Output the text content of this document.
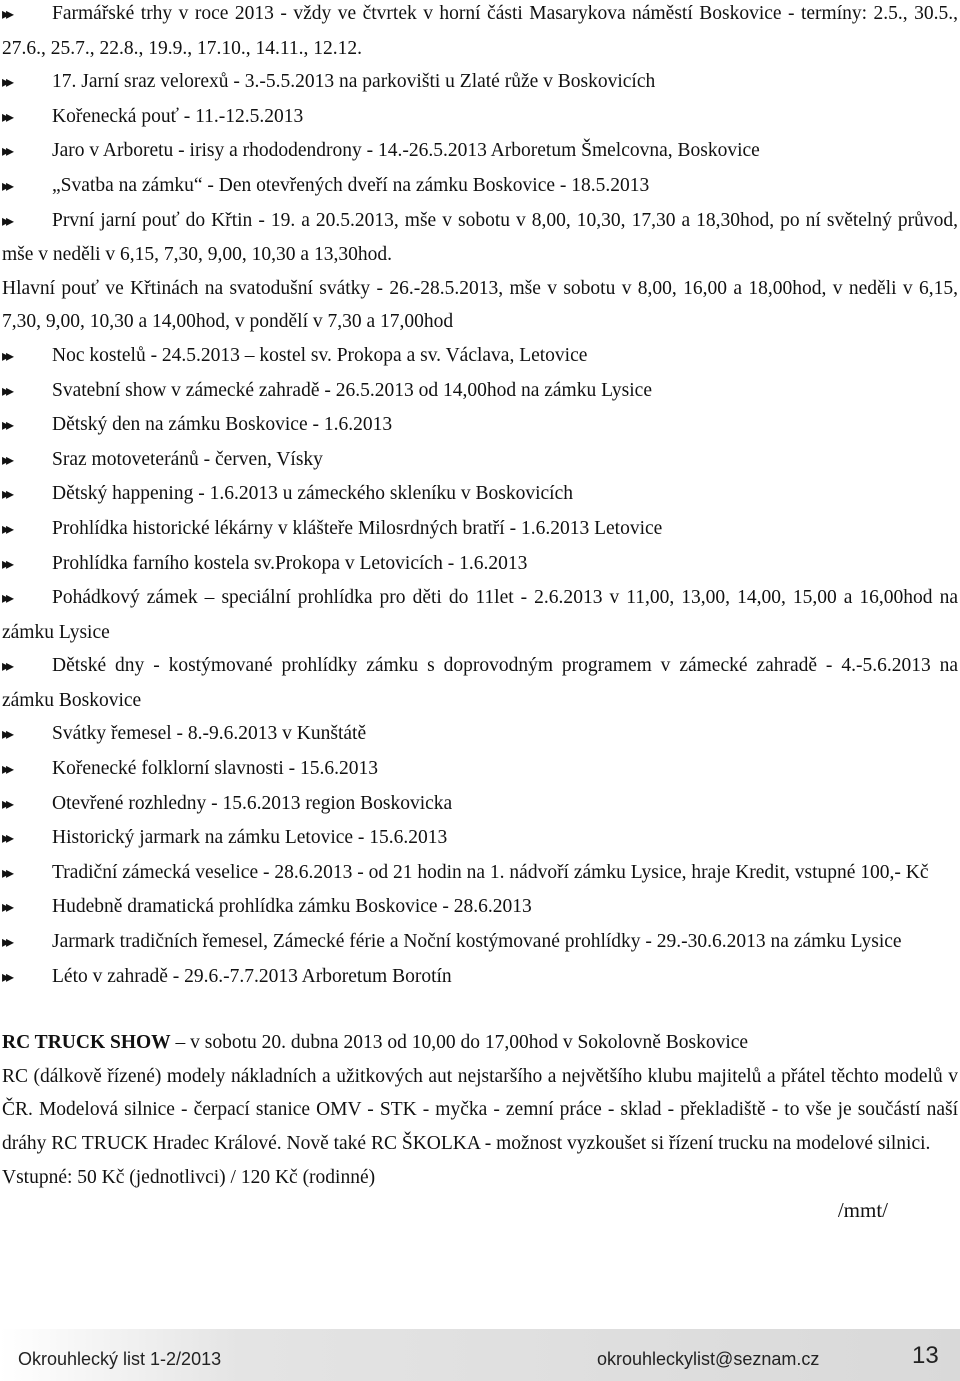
▸▸ Farmářské trhy v roce 2013 - vždy ve čtvrtek v horní části Masarykova náměstí Boskovice - termíny: 2.5., 30.5., 27.6., 25.7., 22.8., 19.9., 17.10., 14.11., 12.12.

▸▸ 17. Jarní sraz velorexů - 3.-5.5.2013 na parkovišti u Zlaté růže v Boskovicích

▸▸ Kořenecká pouť - 11.-12.5.2013

▸▸ Jaro v Arboretu - irisy a rhododendrony - 14.-26.5.2013 Arboretum Šmelcovna, Boskovice

▸▸ „Svatba na zámku“ - Den otevřených dveří na zámku Boskovice - 18.5.2013

▸▸ První jarní pouť do Křtin - 19. a 20.5.2013, mše v sobotu v 8,00, 10,30, 17,30 a 18,30hod, po ní světelný průvod, mše v neděli v 6,15, 7,30, 9,00, 10,30 a 13,30hod.

Hlavní pouť ve Křtinách na svatodušní svátky - 26.-28.5.2013, mše v sobotu v 8,00, 16,00 a 18,00hod, v neděli v 6,15, 7,30, 9,00, 10,30 a 14,00hod, v pondělí v 7,30 a 17,00hod

▸▸ Noc kostelů - 24.5.2013 – kostel sv. Prokopa a sv. Václava, Letovice

▸▸ Svatební show v zámecké zahradě - 26.5.2013 od 14,00hod na zámku Lysice

▸▸ Dětský den na zámku Boskovice - 1.6.2013

▸▸ Sraz motoveteránů - červen, Vísky

▸▸ Dětský happening - 1.6.2013 u zámeckého skleníku v Boskovicích

▸▸ Prohlídka historické lékárny v klášteře Milosrdných bratří - 1.6.2013 Letovice

▸▸ Prohlídka farního kostela sv.Prokopa v Letovicích - 1.6.2013

▸▸ Pohádkový zámek – speciální prohlídka pro děti do 11let - 2.6.2013 v 11,00, 13,00, 14,00, 15,00 a 16,00hod na zámku Lysice

▸▸ Dětské dny - kostýmované prohlídky zámku s doprovodným programem v zámecké zahradě - 4.-5.6.2013 na zámku Boskovice

▸▸ Svátky řemesel - 8.-9.6.2013 v Kunštátě

▸▸ Kořenecké folklorní slavnosti - 15.6.2013

▸▸ Otevřené rozhledny - 15.6.2013 region Boskovicka

▸▸ Historický jarmark na zámku Letovice - 15.6.2013

▸▸ Tradiční zámecká veselice - 28.6.2013 - od 21 hodin na 1. nádvoří zámku Lysice, hraje Kredit, vstupné 100,- Kč

▸▸ Hudebně dramatická prohlídka zámku Boskovice - 28.6.2013

▸▸ Jarmark tradičních řemesel, Zámecké férie a Noční kostýmované prohlídky - 29.-30.6.2013 na zámku Lysice

▸▸ Léto v zahradě - 29.6.-7.7.2013 Arboretum Borotín

RC TRUCK SHOW – v sobotu 20. dubna 2013 od 10,00 do 17,00hod v Sokolovně Boskovice

RC (dálkově řízené) modely nákladních a užitkových aut nejstaršího a největšího klubu majitelů a přátel těchto modelů v ČR. Modelová silnice - čerpací stanice OMV - STK - myčka - zemní práce - sklad - překladiště - to vše je součástí naší dráhy RC TRUCK Hradec Králové. Nově také RC ŠKOLKA - možnost vyzkoušet si řízení trucku na modelové silnici.

Vstupné: 50 Kč (jednotlivci) / 120 Kč (rodinné)

/mmt/

Okrouhlecký list 1-2/2013	okrouhleckylist@seznam.cz	13
